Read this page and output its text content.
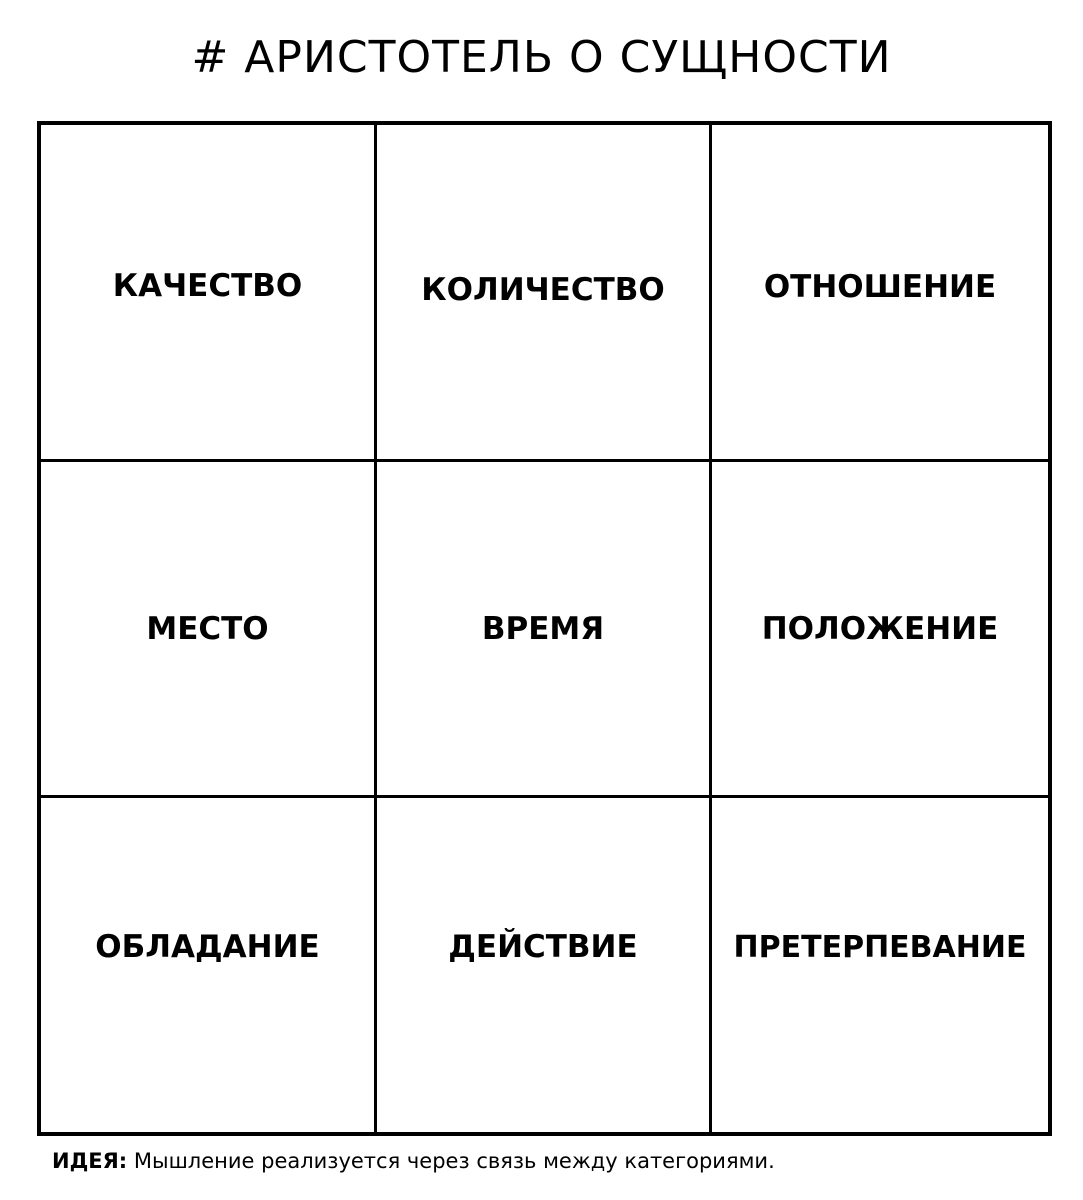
# АРИСТОТЕЛЬ О СУЩНОСТИ
КАЧЕСТВО	КОЛИЧЕСТВО	ОТНОШЕНИЕ
МЕСТО	ВРЕМЯ	ПОЛОЖЕНИЕ
ОБЛАДАНИЕ	ДЕЙСТВИЕ	ПРЕТЕРПЕВАНИЕ
ИДЕЯ: Мышление реализуется через связь между категориями.
